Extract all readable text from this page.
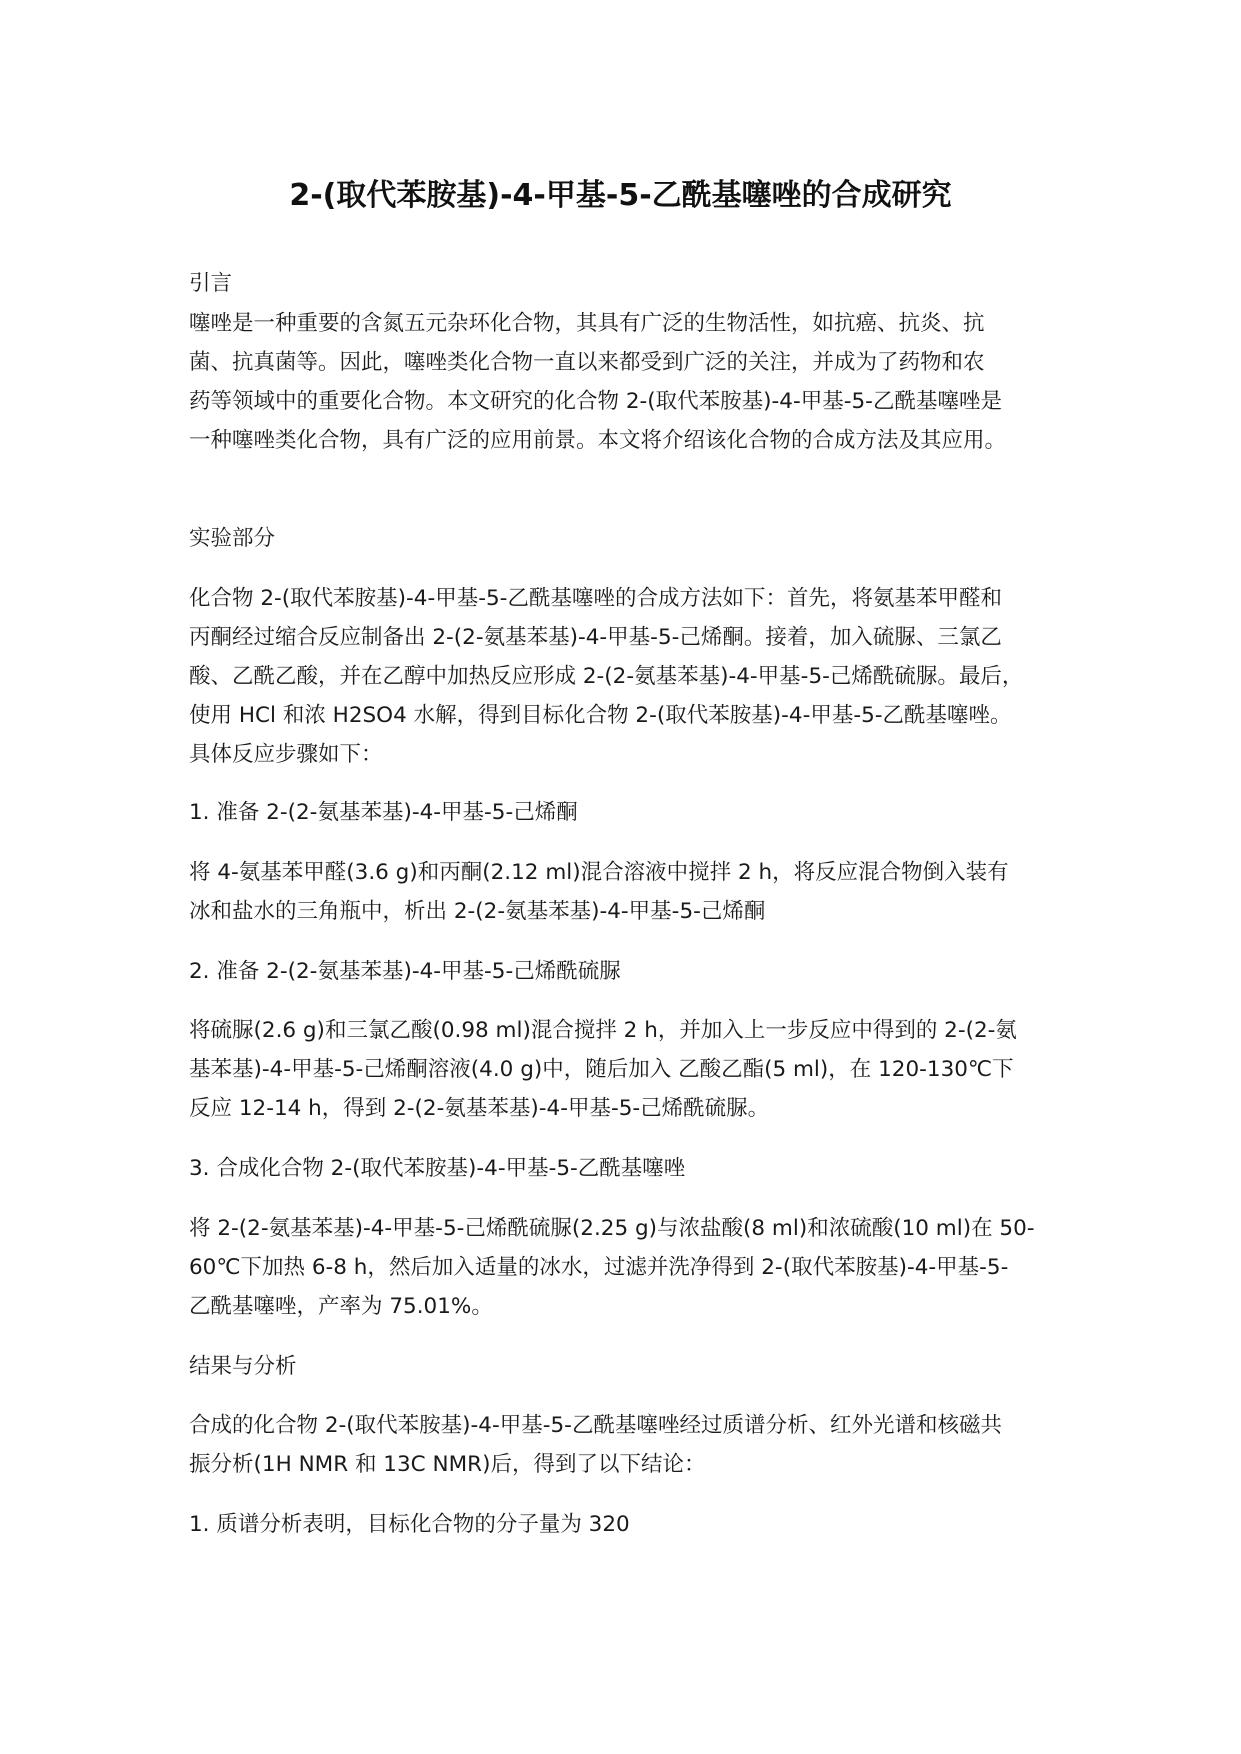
2-(取代苯胺基)-4-甲基-5-乙酰基噻唑的合成研究

引言

噻唑是一种重要的含氮五元杂环化合物，其具有广泛的生物活性，如抗癌、抗炎、抗
菌、抗真菌等。因此，噻唑类化合物一直以来都受到广泛的关注，并成为了药物和农
药等领域中的重要化合物。本文研究的化合物 2-(取代苯胺基)-4-甲基-5-乙酰基噻唑是
一种噻唑类化合物，具有广泛的应用前景。本文将介绍该化合物的合成方法及其应用。

实验部分

化合物 2-(取代苯胺基)-4-甲基-5-乙酰基噻唑的合成方法如下：首先，将氨基苯甲醛和
丙酮经过缩合反应制备出 2-(2-氨基苯基)-4-甲基-5-己烯酮。接着，加入硫脲、三氯乙
酸、乙酰乙酸，并在乙醇中加热反应形成 2-(2-氨基苯基)-4-甲基-5-己烯酰硫脲。最后，
使用 HCl 和浓 H2SO4 水解，得到目标化合物 2-(取代苯胺基)-4-甲基-5-乙酰基噻唑。
具体反应步骤如下：

1. 准备 2-(2-氨基苯基)-4-甲基-5-己烯酮

将 4-氨基苯甲醛(3.6 g)和丙酮(2.12 ml)混合溶液中搅拌 2 h，将反应混合物倒入装有
冰和盐水的三角瓶中，析出 2-(2-氨基苯基)-4-甲基-5-己烯酮

2. 准备 2-(2-氨基苯基)-4-甲基-5-己烯酰硫脲

将硫脲(2.6 g)和三氯乙酸(0.98 ml)混合搅拌 2 h，并加入上一步反应中得到的 2-(2-氨
基苯基)-4-甲基-5-己烯酮溶液(4.0 g)中，随后加入 乙酸乙酯(5 ml)，在 120-130℃下
反应 12-14 h，得到 2-(2-氨基苯基)-4-甲基-5-己烯酰硫脲。

3. 合成化合物 2-(取代苯胺基)-4-甲基-5-乙酰基噻唑

将 2-(2-氨基苯基)-4-甲基-5-己烯酰硫脲(2.25 g)与浓盐酸(8 ml)和浓硫酸(10 ml)在 50-
60℃下加热 6-8 h，然后加入适量的冰水，过滤并洗净得到 2-(取代苯胺基)-4-甲基-5-
乙酰基噻唑，产率为 75.01%。

结果与分析

合成的化合物 2-(取代苯胺基)-4-甲基-5-乙酰基噻唑经过质谱分析、红外光谱和核磁共
振分析(1H NMR 和 13C NMR)后，得到了以下结论：

1. 质谱分析表明，目标化合物的分子量为 320
